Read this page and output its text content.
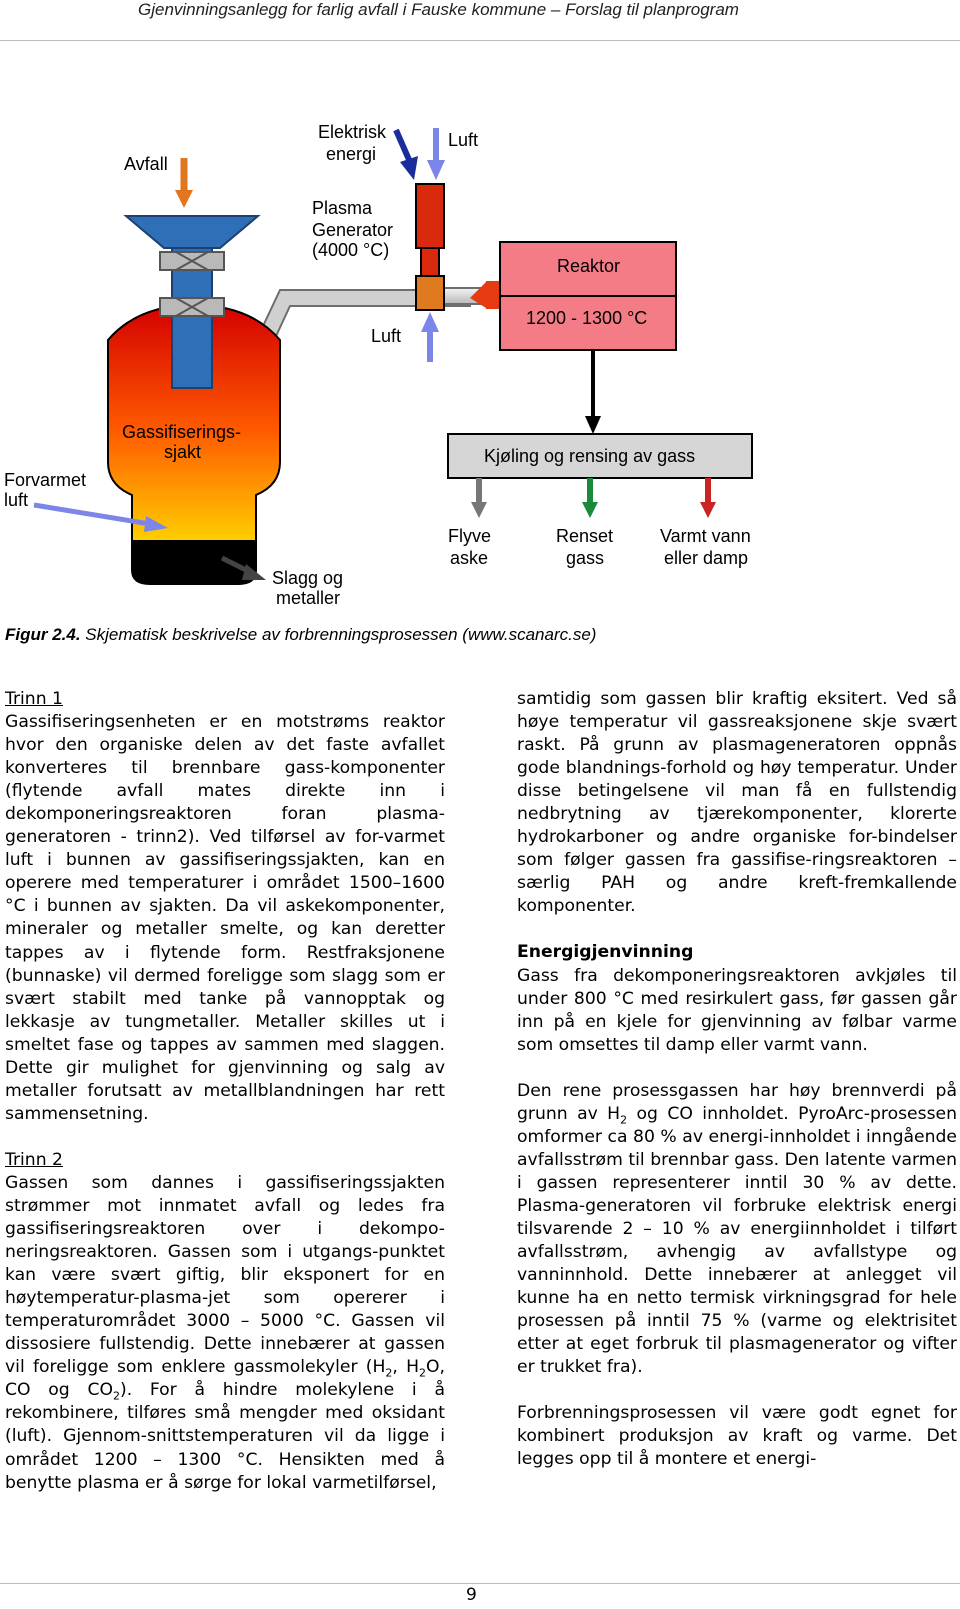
Gjenvinningsanlegg for farlig avfall i Fauske kommune – Forslag til planprogram
Avfall
Elektrisk
energi
Luft
Plasma
Generator
(4000 °C)
Luft
Reaktor
1200 - 1300 °C
Kjøling og rensing av gass
Flyve
aske
Renset
gass
Varmt vann
eller damp
Gassifiserings-
sjakt
Forvarmet
luft
Slagg og
metaller
Figur 2.4. Skjematisk beskrivelse av forbrenningsprosessen (www.scanarc.se)

Trinn 1

Gassifiseringsenheten er en motstrøms reaktor hvor den organiske delen av det faste avfallet konverteres til brennbare gass-komponenter (flytende avfall mates direkte inn i dekomponeringsreaktoren foran plasma-generatoren - trinn2). Ved tilførsel av for-varmet luft i bunnen av gassifiseringssjakten, kan en operere med temperaturer i området 1500–1600 °C i bunnen av sjakten. Da vil askekomponenter, mineraler og metaller smelte, og kan deretter tappes av i flytende form. Restfraksjonene (bunnaske) vil dermed foreligge som slagg som er svært stabilt med tanke på vannopptak og lekkasje av tungmetaller. Metaller skilles ut i smeltet fase og tappes av sammen med slaggen. Dette gir mulighet for gjenvinning og salg av metaller forutsatt av metallblandningen har rett sammensetning.

Trinn 2

Gassen som dannes i gassifiseringssjakten strømmer mot innmatet avfall og ledes fra gassifiseringsreaktoren over i dekompo-neringsreaktoren. Gassen som i utgangs-punktet kan være svært giftig, blir eksponert for en høytemperatur-plasma-jet som opererer i temperaturområdet 3000 – 5000 °C. Gassen vil dissosiere fullstendig. Dette innebærer at gassen vil foreligge som enklere gassmolekyler ($H_2$, $H_2O$, CO og $CO_2$). For å hindre molekylene i å rekombinere, tilføres små mengder med oksidant (luft). Gjennom-snittstemperaturen vil da ligge i området 1200 – 1300 °C. Hensikten med å benytte plasma er å sørge for lokal varmetilførsel,

samtidig som gassen blir kraftig eksitert. Ved så høye temperatur vil gassreaksjonene skje svært raskt. På grunn av plasmageneratoren oppnås gode blandnings-forhold og høy temperatur. Under disse betingelsene vil man få en fullstendig nedbrytning av tjærekomponenter, klorerte hydrokarboner og andre organiske for-bindelser som følger gassen fra gassifise-ringsreaktoren – særlig PAH og andre kreft-fremkallende komponenter.

Energigjenvinning

Gass fra dekomponeringsreaktoren avkjøles til under 800 °C med resirkulert gass, før gassen går inn på en kjele for gjenvinning av følbar varme som omsettes til damp eller varmt vann.

Den rene prosessgassen har høy brennverdi på grunn av $H_2$ og CO innholdet. PyroArc-prosessen omformer ca 80 % av energi-innholdet i inngående avfallsstrøm til brennbar gass. Den latente varmen i gassen representerer inntil 30 % av dette. Plasma-generatoren vil forbruke elektrisk energi tilsvarende 2 – 10 % av energiinnholdet i tilført avfallsstrøm, avhengig av avfallstype og vanninnhold. Dette innebærer at anlegget vil kunne ha en netto termisk virkningsgrad for hele prosessen på inntil 75 % (varme og elektrisitet etter at eget forbruk til plasmagenerator og vifter er trukket fra).

Forbrenningsprosessen vil være godt egnet for kombinert produksjon av kraft og varme. Det legges opp til å montere et energi-

9
